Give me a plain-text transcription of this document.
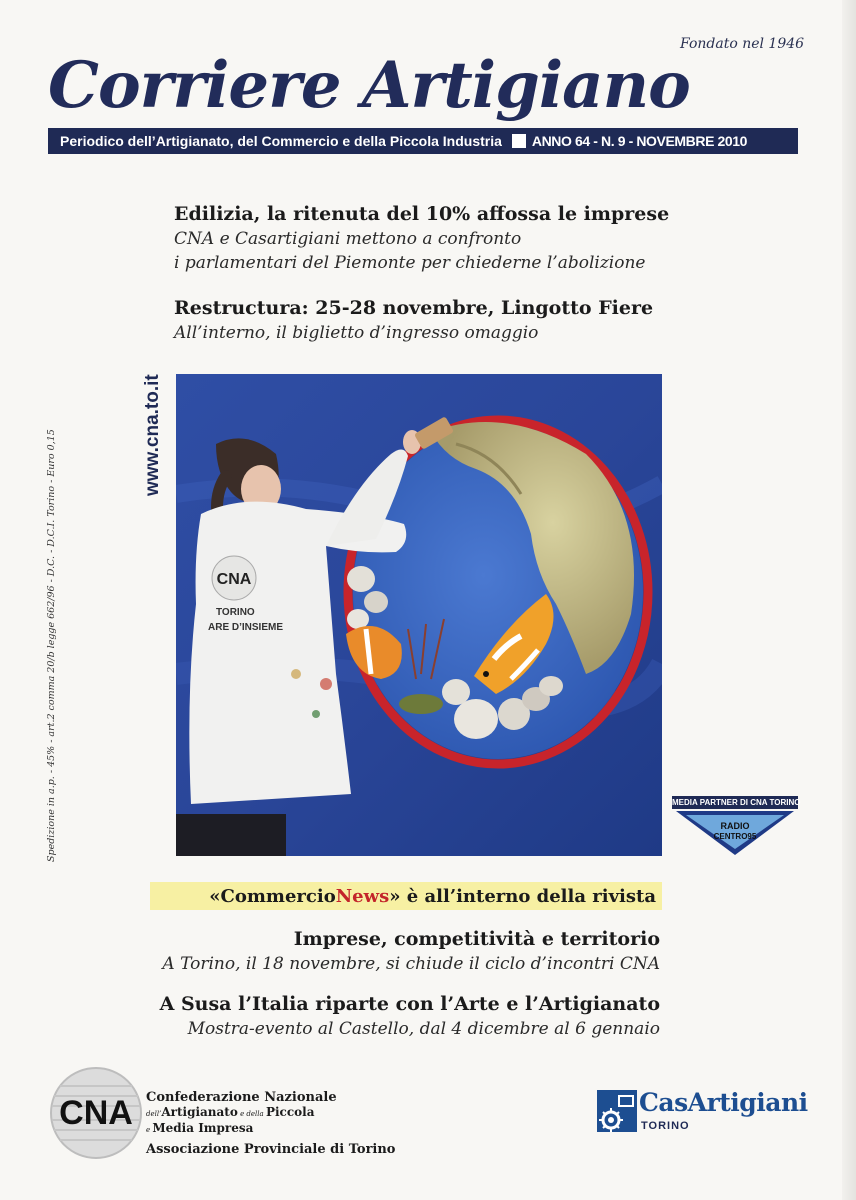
Fondato nel 1946
Corriere Artigiano
Periodico dell’Artigianato, del Commercio e della Piccola Industria ANNO 64 - N. 9 - NOVEMBRE 2010
Edilizia, la ritenuta del 10% affossa le imprese
CNA e Casartigiani mettono a confronto
i parlamentari del Piemonte per chiederne l’abolizione
Restructura: 25-28 novembre, Lingotto Fiere
All’interno, il biglietto d’ingresso omaggio
www.cna.to.it
Spedizione in a.p. - 45% - art.2 comma 20/b legge 662/96 - D.C. - D.C.I. Torino - Euro 0,15	CNA
TORINO
ARE D’INSIEME
MEDIA PARTNER DI CNA TORINO
RADIO
CENTRO95
«Commercio News » è all’interno della rivista
Imprese, competitività e territorio
A Torino, il 18 novembre, si chiude il ciclo d’incontri CNA
A Susa l’Italia riparte con l’Arte e l’Artigianato
Mostra-evento al Castello, dal 4 dicembre al 6 gennaio
CNA Confederazione Nazionale
dell’Artigianato e della Piccola
e Media Impresa
Associazione Provinciale di Torino
CasArtigiani
TORINO
